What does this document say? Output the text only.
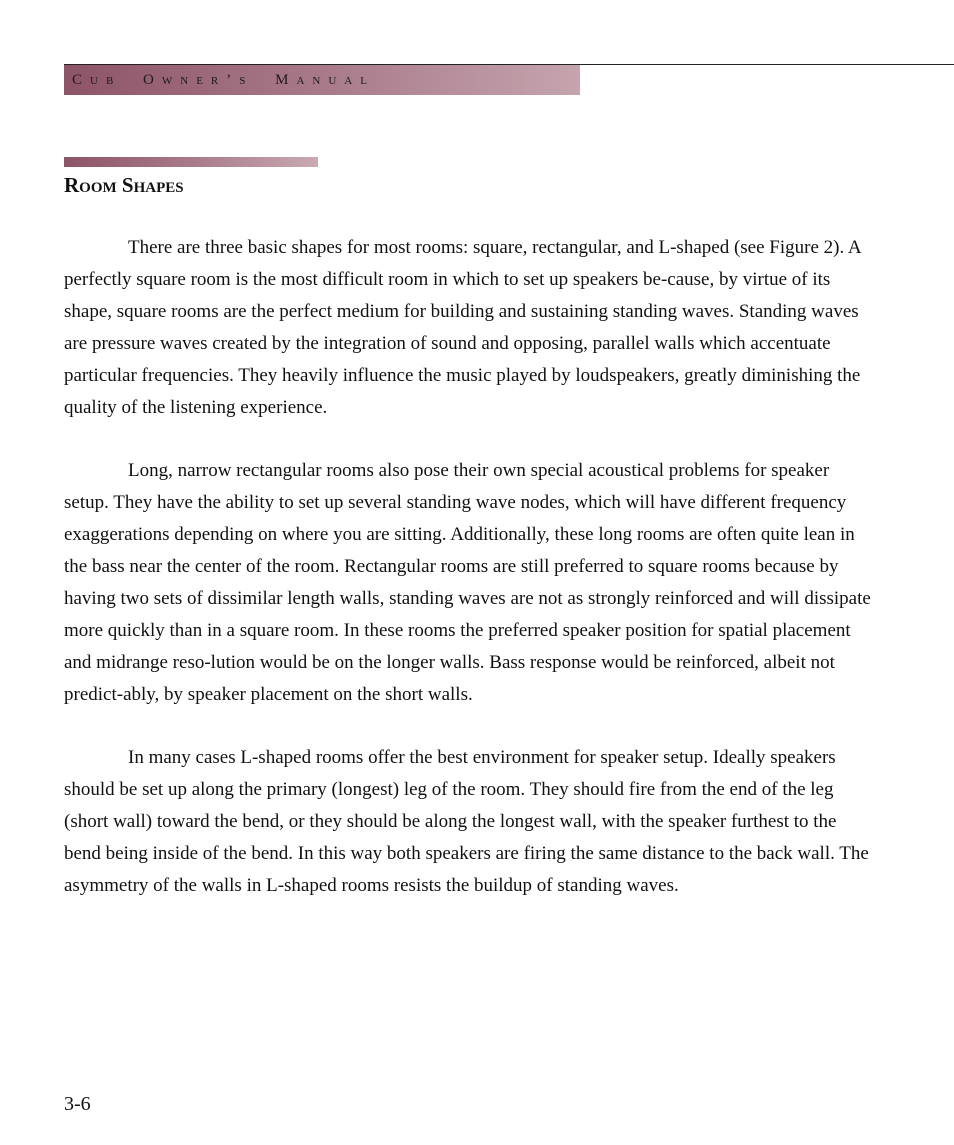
Cub Owner’s Manual
Room Shapes

There are three basic shapes for most rooms: square, rectangular, and L-shaped (see Figure 2). A perfectly square room is the most difficult room in which to set up speakers be-cause, by virtue of its shape, square rooms are the perfect medium for building and sustaining standing waves. Standing waves are pressure waves created by the integration of sound and opposing, parallel walls which accentuate particular frequencies. They heavily influence the music played by loudspeakers, greatly diminishing the quality of the listening experience.

Long, narrow rectangular rooms also pose their own special acoustical problems for speaker setup. They have the ability to set up several standing wave nodes, which will have different frequency exaggerations depending on where you are sitting. Additionally, these long rooms are often quite lean in the bass near the center of the room. Rectangular rooms are still preferred to square rooms because by having two sets of dissimilar length walls, standing waves are not as strongly reinforced and will dissipate more quickly than in a square room. In these rooms the preferred speaker position for spatial placement and midrange reso-lution would be on the longer walls. Bass response would be reinforced, albeit not predict-ably, by speaker placement on the short walls.

In many cases L-shaped rooms offer the best environment for speaker setup. Ideally speakers should be set up along the primary (longest) leg of the room. They should fire from the end of the leg (short wall) toward the bend, or they should be along the longest wall, with the speaker furthest to the bend being inside of the bend. In this way both speakers are firing the same distance to the back wall. The asymmetry of the walls in L-shaped rooms resists the buildup of standing waves.

3-6
